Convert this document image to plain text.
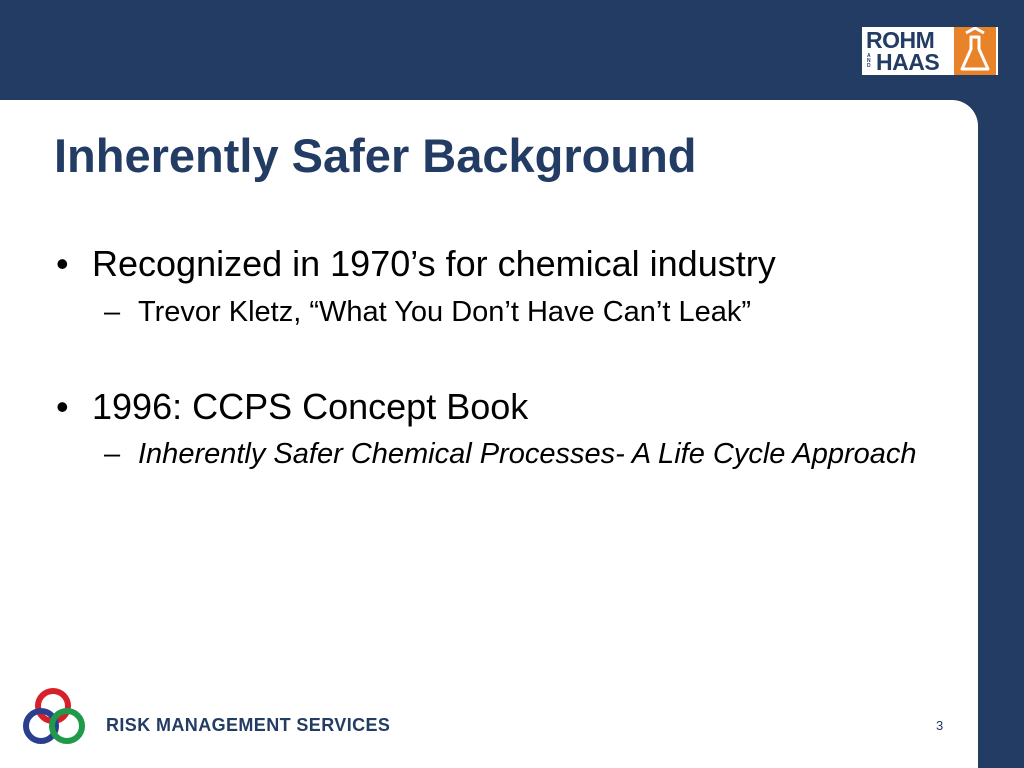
ROHM
AND HAAS
Inherently Safer Background
• Recognized in 1970’s for chemical industry
– Trevor Kletz, “What You Don’t Have Can’t Leak”
• 1996: CCPS Concept Book
– Inherently Safer Chemical Processes- A Life Cycle Approach
RISK MANAGEMENT SERVICES	3
